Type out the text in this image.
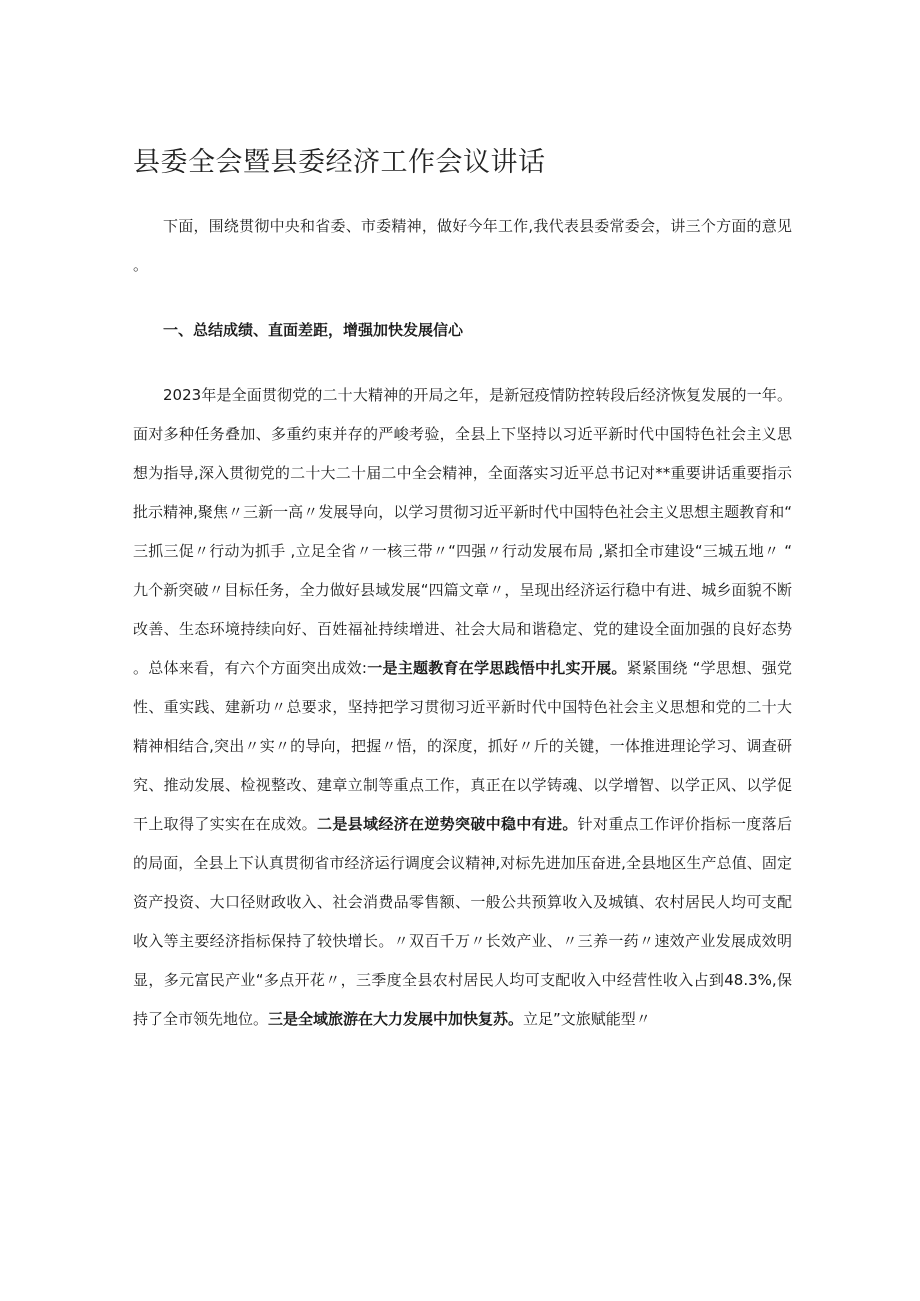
县委全会暨县委经济工作会议讲话

下面，围绕贯彻中央和省委、市委精神，做好今年工作,我代表县委常委会，讲三个方面的意见。

一、总结成绩、直面差距，增强加快发展信心

2023年是全面贯彻党的二十大精神的开局之年，是新冠疫情防控转段后经济恢复发展的一年。面对多种任务叠加、多重约束并存的严峻考验，全县上下坚持以习近平新时代中国特色社会主义思想为指导,深入贯彻党的二十大二十届二中全会精神，全面落实习近平总书记对**重要讲话重要指示批示精神,聚焦〃三新一高〃发展导向，以学习贯彻习近平新时代中国特色社会主义思想主题教育和“三抓三促〃行动为抓手 ,立足全省〃一核三带〃“四强〃行动发展布局 ,紧扣全市建设“三城五地〃 “九个新突破〃目标任务，全力做好县域发展“四篇文章〃，呈现出经济运行稳中有进、城乡面貌不断改善、生态环境持续向好、百姓福祉持续增进、社会大局和谐稳定、党的建设全面加强的良好态势。总体来看，有六个方面突出成效:一是主题教育在学思践悟中扎实开展。紧紧围绕 “学思想、强党性、重实践、建新功〃总要求，坚持把学习贯彻习近平新时代中国特色社会主义思想和党的二十大精神相结合,突出〃实〃的导向，把握〃悟，的深度，抓好〃斤的关键，一体推进理论学习、调查研究、推动发展、检视整改、建章立制等重点工作，真正在以学铸魂、以学增智、以学正风、以学促干上取得了实实在在成效。二是县域经济在逆势突破中稳中有进。针对重点工作评价指标一度落后的局面，全县上下认真贯彻省市经济运行调度会议精神,对标先进加压奋进,全县地区生产总值、固定资产投资、大口径财政收入、社会消费品零售额、一般公共预算收入及城镇、农村居民人均可支配收入等主要经济指标保持了较快增长。〃双百千万〃长效产业、〃三养一药〃速效产业发展成效明显，多元富民产业“多点开花〃，三季度全县农村居民人均可支配收入中经营性收入占到48.3%,保持了全市领先地位。三是全域旅游在大力发展中加快复苏。立足”文旅赋能型〃
